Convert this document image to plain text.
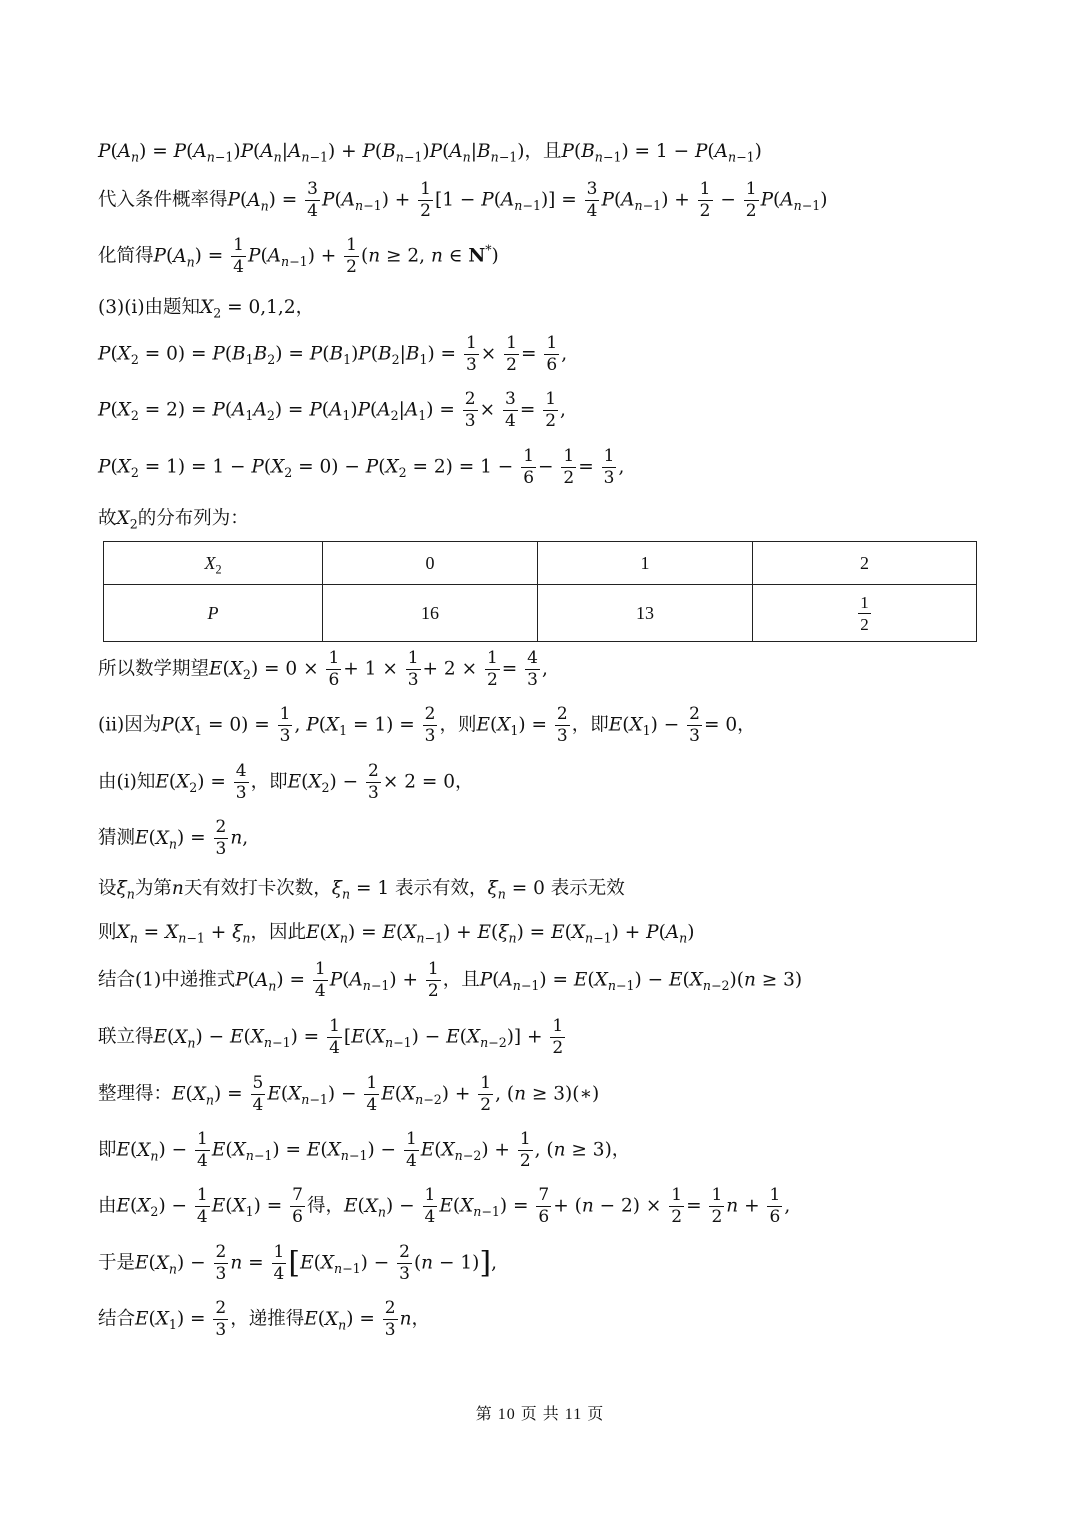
$P(A_n) = P(A_{n-1})P(A_n|A_{n-1}) + P(B_{n-1})P(A_n|B_{n-1})$，且$P(B_{n-1}) = 1 - P(A_{n-1})$
代入条件概率得$P(A_n) = \frac{3}{4} P(A_{n-1}) + \frac{1}{2} [1 - P(A_{n-1})] = \frac{3}{4} P(A_{n-1}) + \frac{1}{2} - \frac{1}{2} P(A_{n-1})$
化简得$P(A_n) = \frac{1}{4} P(A_{n-1}) + \frac{1}{2} (n \ge 2$, n ∈ N*)
(3)(i)由题知$X_2 = 0,1,2$，
$P(X_2 = 0) = P(B_1B_2) = P(B_1)P(B_2|B_1) = \frac{1}{3} \times \frac{1}{2} = \frac{1}{6}$ ,
$P(X_2 = 2) = P(A_1A_2) = P(A_1)P(A_2|A_1) = \frac{2}{3} \times \frac{3}{4} = \frac{1}{2}$ ,
$P(X_2 = 1) = 1 - P(X_2 = 0) - P(X_2 = 2) = 1 - \frac{1}{6} - \frac{1}{2} = \frac{1}{3}$ ,
故$X_2$的分布列为：
$X_2$	0	1	2
P	16	13	$\frac{1}{2}$
所以数学期望$E(X_2) = 0 \times \frac{1}{6} + 1 \times \frac{1}{3} + 2 \times \frac{1}{2} = \frac{4}{3}$ ,
(ii)因为$P(X_1 = 0) = \frac{1}{3}$ , $P(X_1 = 1) = \frac{2}{3}$ ，则$E(X_1) = \frac{2}{3}$ ，即$E(X_1) - \frac{2}{3} = 0$，
由(i)知$E(X_2) = \frac{4}{3}$ ，即$E(X_2) - \frac{2}{3} \times 2 = 0$，
猜测$E(X_n) = \frac{2}{3} n$,
设$\xi_n$为第n天有效打卡次数，$\xi_n = 1$ 表示有效，$\xi_n = 0$ 表示无效
则$X_n = X_{n-1} + \xi_n$，因此$E(X_n) = E(X_{n-1}) + E(\xi_n) = E(X_{n-1}) + P(A_n)$
结合(1)中递推式$P(A_n) = \frac{1}{4} P(A_{n-1}) + \frac{1}{2}$ ，且$P(A_{n-1}) = E(X_{n-1}) - E(X_{n-2})(n \ge 3)$
联立得$E(X_n) - E(X_{n-1}) = \frac{1}{4} [E(X_{n-1}) - E(X_{n-2})] + \frac{1}{2}$
整理得：$E(X_n) = \frac{5}{4} E(X_{n-1}) - \frac{1}{4} E(X_{n-2}) + \frac{1}{2}$ , (n ≥ 3)(∗)
即$E(X_n) - \frac{1}{4} E(X_{n-1}) = E(X_{n-1}) - \frac{1}{4} E(X_{n-2}) + \frac{1}{2}$ , (n ≥ 3)，
由$E(X_2) - \frac{1}{4} E(X_1) = \frac{7}{6}$ 得，$E(X_n) - \frac{1}{4} E(X_{n-1}) = \frac{7}{6} + (n - 2) \times \frac{1}{2} = \frac{1}{2}$ $n + \frac{1}{6}$ ,
于是$E(X_n) - \frac{2}{3}$ $n = \frac{1}{4} [E(X_{n-1}) - \frac{2}{3} (n - 1)]$,
结合$E(X_1) = \frac{2}{3}$ ，递推得$E(X_n) = \frac{2}{3}$ n，
第 10 页 共 11 页
